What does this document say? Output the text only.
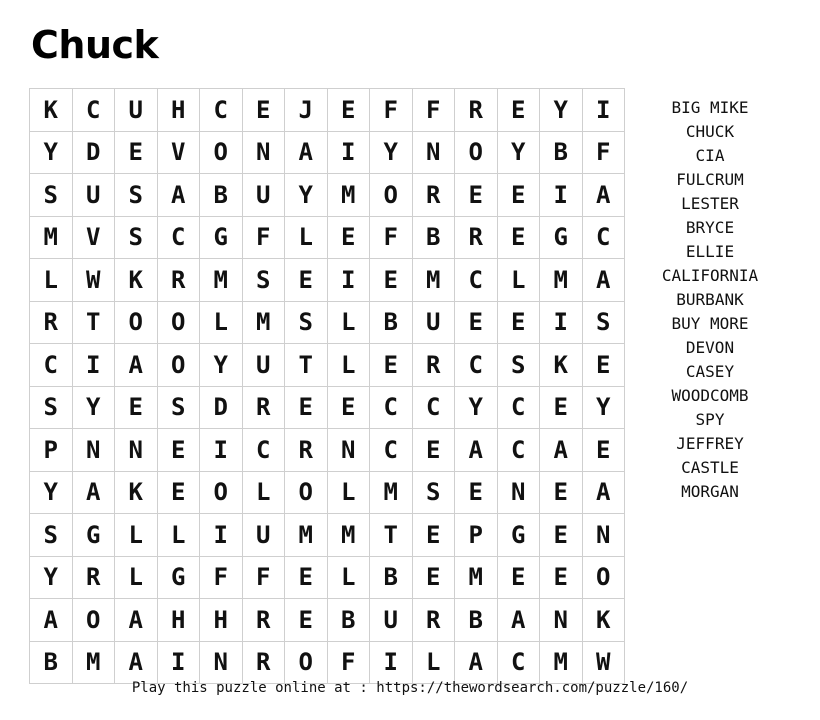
Chuck
K	C	U	H	C	E	J	E	F	F	R	E	Y	I
Y	D	E	V	O	N	A	I	Y	N	O	Y	B	F
S	U	S	A	B	U	Y	M	O	R	E	E	I	A
M	V	S	C	G	F	L	E	F	B	R	E	G	C
L	W	K	R	M	S	E	I	E	M	C	L	M	A
R	T	O	O	L	M	S	L	B	U	E	E	I	S
C	I	A	O	Y	U	T	L	E	R	C	S	K	E
S	Y	E	S	D	R	E	E	C	C	Y	C	E	Y
P	N	N	E	I	C	R	N	C	E	A	C	A	E
Y	A	K	E	O	L	O	L	M	S	E	N	E	A
S	G	L	L	I	U	M	M	T	E	P	G	E	N
Y	R	L	G	F	F	E	L	B	E	M	E	E	O
A	O	A	H	H	R	E	B	U	R	B	A	N	K
B	M	A	I	N	R	O	F	I	L	A	C	M	W
BIG MIKE
CHUCK
CIA
FULCRUM
LESTER
BRYCE
ELLIE
CALIFORNIA
BURBANK
BUY MORE
DEVON
CASEY
WOODCOMB
SPY
JEFFREY
CASTLE
MORGAN
Play this puzzle online at : https://thewordsearch.com/puzzle/160/
